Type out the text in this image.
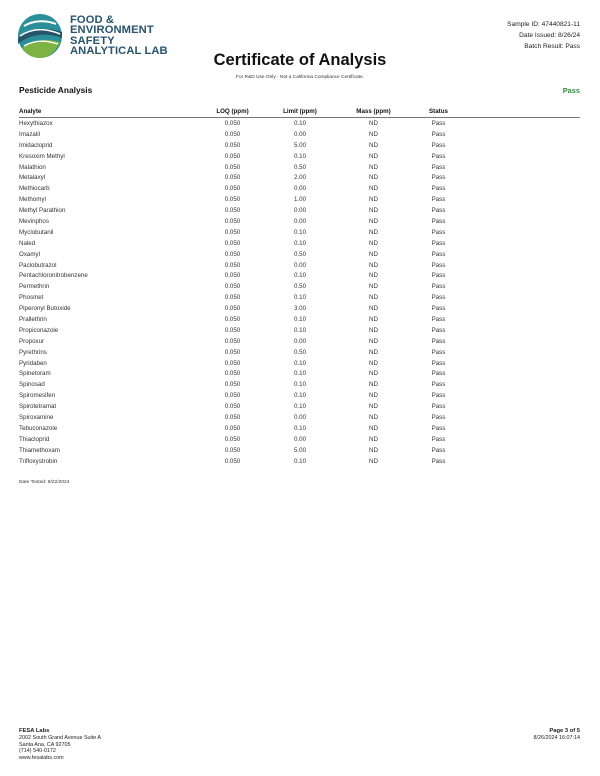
FOOD &
ENVIRONMENT
SAFETY
ANALYTICAL LAB
Sample ID: 47440821-11
Date Issued: 8/26/24
Batch Result: Pass
Certificate of Analysis
For R&D Use Only · Not a California Compliance Certificate.
Pesticide Analysis	Pass
Analyte	LOQ (ppm)	Limit (ppm)	Mass (ppm)	Status	
Hexythiazox	0.050	0.10	ND	Pass	
Imazalil	0.050	0.00	ND	Pass	
Imidacloprid	0.050	5.00	ND	Pass	
Kresoxim Methyl	0.050	0.10	ND	Pass	
Malathion	0.050	0.50	ND	Pass	
Metalaxyl	0.050	2.00	ND	Pass	
Methiocarb	0.050	0.00	ND	Pass	
Methomyl	0.050	1.00	ND	Pass	
Methyl Parathion	0.050	0.00	ND	Pass	
Mevinphos	0.050	0.00	ND	Pass	
Myclobutanil	0.050	0.10	ND	Pass	
Naled	0.050	0.10	ND	Pass	
Oxamyl	0.050	0.50	ND	Pass	
Paclobutrazol	0.050	0.00	ND	Pass	
Pentachloronitrobenzene	0.050	0.10	ND	Pass	
Permethrin	0.050	0.50	ND	Pass	
Phosmet	0.050	0.10	ND	Pass	
Piperonyl Butoxide	0.050	3.00	ND	Pass	
Prallethrin	0.050	0.10	ND	Pass	
Propiconazole	0.050	0.10	ND	Pass	
Propoxur	0.050	0.00	ND	Pass	
Pyrethrins	0.050	0.50	ND	Pass	
Pyridaben	0.050	0.10	ND	Pass	
Spinetoram	0.050	0.10	ND	Pass	
Spinosad	0.050	0.10	ND	Pass	
Spiromesifen	0.050	0.10	ND	Pass	
Spirotetramat	0.050	0.10	ND	Pass	
Spiroxamine	0.050	0.00	ND	Pass	
Tebuconazole	0.050	0.10	ND	Pass	
Thiacloprid	0.050	0.00	ND	Pass	
Thiamethoxam	0.050	5.00	ND	Pass	
Trifloxystrobin	0.050	0.10	ND	Pass	
Date Tested: 8/22/2024
FESA Labs
2002 South Grand Avenue Suite A
Santa Ana, CA 92705
(714) 540-0172
www.fesalabs.com
Page 3 of 5
8/26/2024 16:07:14
